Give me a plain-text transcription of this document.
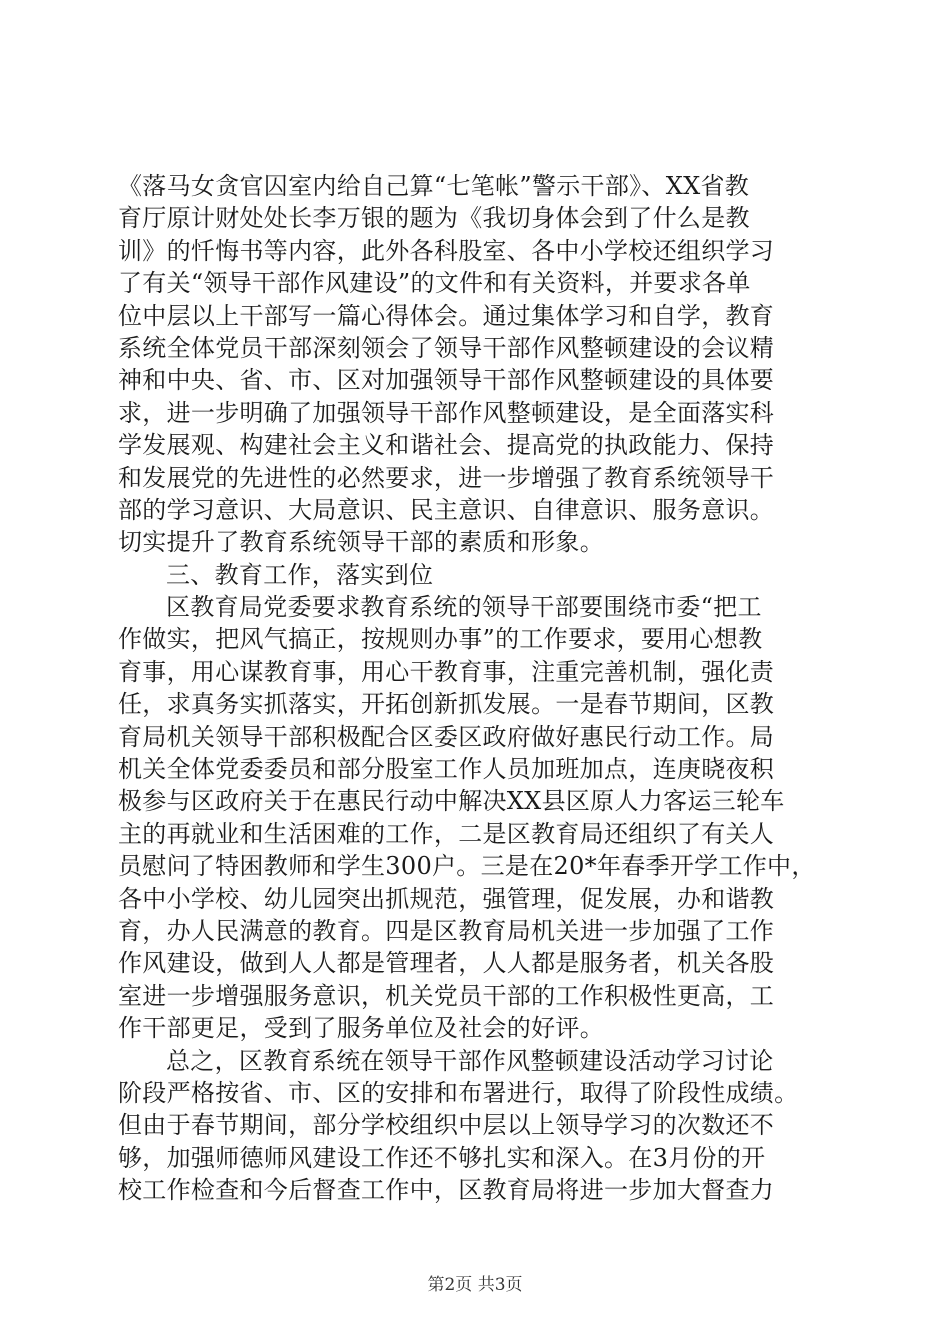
《落马女贪官囚室内给自己算“七笔帐”警示干部》、XX省教
育厅原计财处处长李万银的题为《我切身体会到了什么是教
训》的忏悔书等内容，此外各科股室、各中小学校还组织学习
了有关“领导干部作风建设”的文件和有关资料，并要求各单
位中层以上干部写一篇心得体会。通过集体学习和自学，教育
系统全体党员干部深刻领会了领导干部作风整顿建设的会议精
神和中央、省、市、区对加强领导干部作风整顿建设的具体要
求，进一步明确了加强领导干部作风整顿建设，是全面落实科
学发展观、构建社会主义和谐社会、提高党的执政能力、保持
和发展党的先进性的必然要求，进一步增强了教育系统领导干
部的学习意识、大局意识、民主意识、自律意识、服务意识。
切实提升了教育系统领导干部的素质和形象。
三、教育工作，落实到位
区教育局党委要求教育系统的领导干部要围绕市委“把工
作做实，把风气搞正，按规则办事”的工作要求，要用心想教
育事，用心谋教育事，用心干教育事，注重完善机制，强化责
任，求真务实抓落实，开拓创新抓发展。一是春节期间，区教
育局机关领导干部积极配合区委区政府做好惠民行动工作。局
机关全体党委委员和部分股室工作人员加班加点，连庚晓夜积
极参与区政府关于在惠民行动中解决XX县区原人力客运三轮车
主的再就业和生活困难的工作，二是区教育局还组织了有关人
员慰问了特困教师和学生300户。三是在20*年春季开学工作中，
各中小学校、幼儿园突出抓规范，强管理，促发展，办和谐教
育，办人民满意的教育。四是区教育局机关进一步加强了工作
作风建设，做到人人都是管理者，人人都是服务者，机关各股
室进一步增强服务意识，机关党员干部的工作积极性更高，工
作干部更足，受到了服务单位及社会的好评。
总之，区教育系统在领导干部作风整顿建设活动学习讨论
阶段严格按省、市、区的安排和布署进行，取得了阶段性成绩。
但由于春节期间，部分学校组织中层以上领导学习的次数还不
够，加强师德师风建设工作还不够扎实和深入。在3月份的开
校工作检查和今后督查工作中，区教育局将进一步加大督查力
第2页 共3页
